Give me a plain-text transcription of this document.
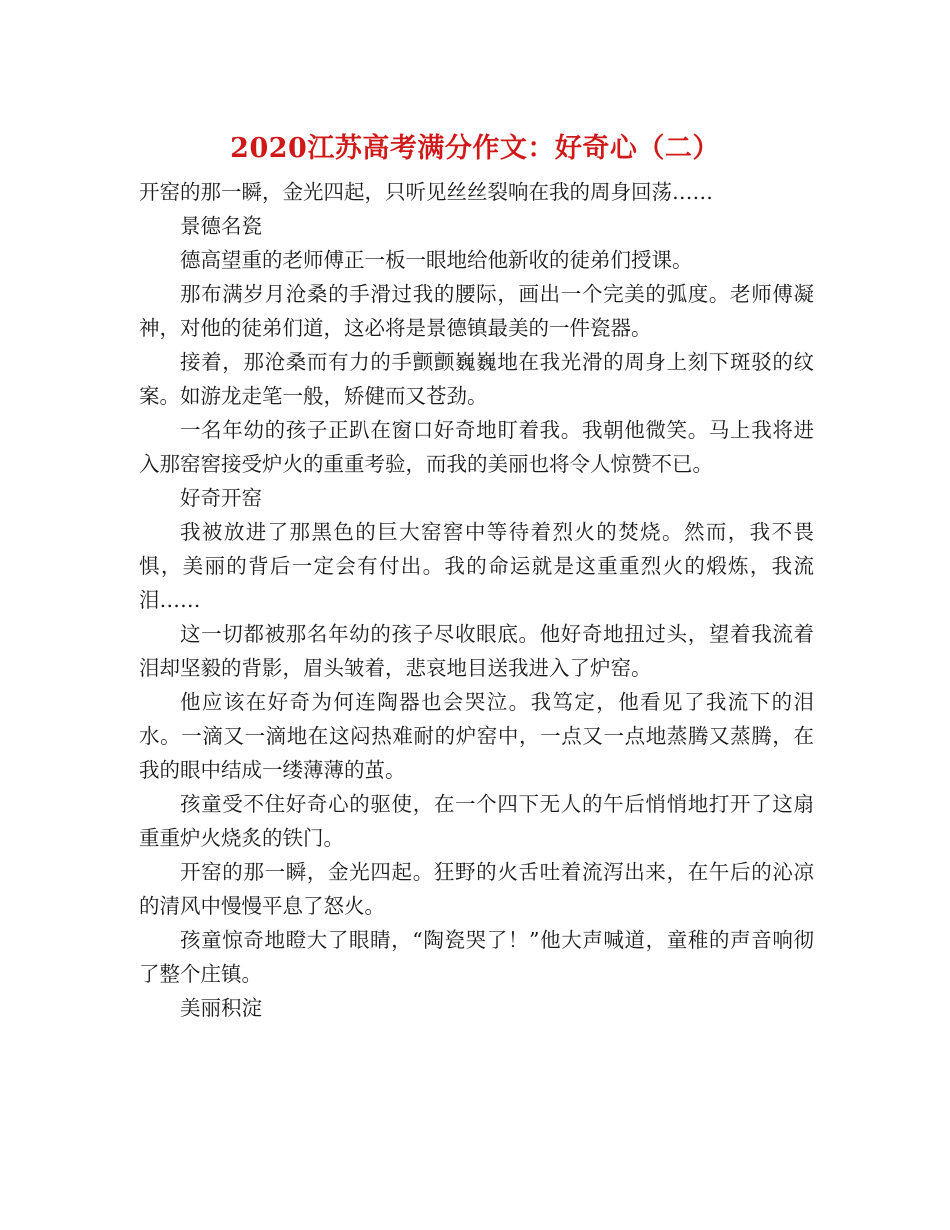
2020江苏高考满分作文：好奇心（二）

开窑的那一瞬，金光四起，只听见丝丝裂响在我的周身回荡……

景德名瓷

德高望重的老师傅正一板一眼地给他新收的徒弟们授课。

那布满岁月沧桑的手滑过我的腰际，画出一个完美的弧度。老师傅凝神，对他的徒弟们道，这必将是景德镇最美的一件瓷器。

接着，那沧桑而有力的手颤颤巍巍地在我光滑的周身上刻下斑驳的纹案。如游龙走笔一般，矫健而又苍劲。

一名年幼的孩子正趴在窗口好奇地盯着我。我朝他微笑。马上我将进入那窑窖接受炉火的重重考验，而我的美丽也将令人惊赞不已。

好奇开窑

我被放进了那黑色的巨大窑窖中等待着烈火的焚烧。然而，我不畏惧，美丽的背后一定会有付出。我的命运就是这重重烈火的煅炼，我流泪……

这一切都被那名年幼的孩子尽收眼底。他好奇地扭过头，望着我流着泪却坚毅的背影，眉头皱着，悲哀地目送我进入了炉窑。

他应该在好奇为何连陶器也会哭泣。我笃定，他看见了我流下的泪水。一滴又一滴地在这闷热难耐的炉窑中，一点又一点地蒸腾又蒸腾，在我的眼中结成一缕薄薄的茧。

孩童受不住好奇心的驱使，在一个四下无人的午后悄悄地打开了这扇重重炉火烧炙的铁门。

开窑的那一瞬，金光四起。狂野的火舌吐着流泻出来，在午后的沁凉的清风中慢慢平息了怒火。

孩童惊奇地瞪大了眼睛，“陶瓷哭了！”他大声喊道，童稚的声音响彻了整个庄镇。

美丽积淀
